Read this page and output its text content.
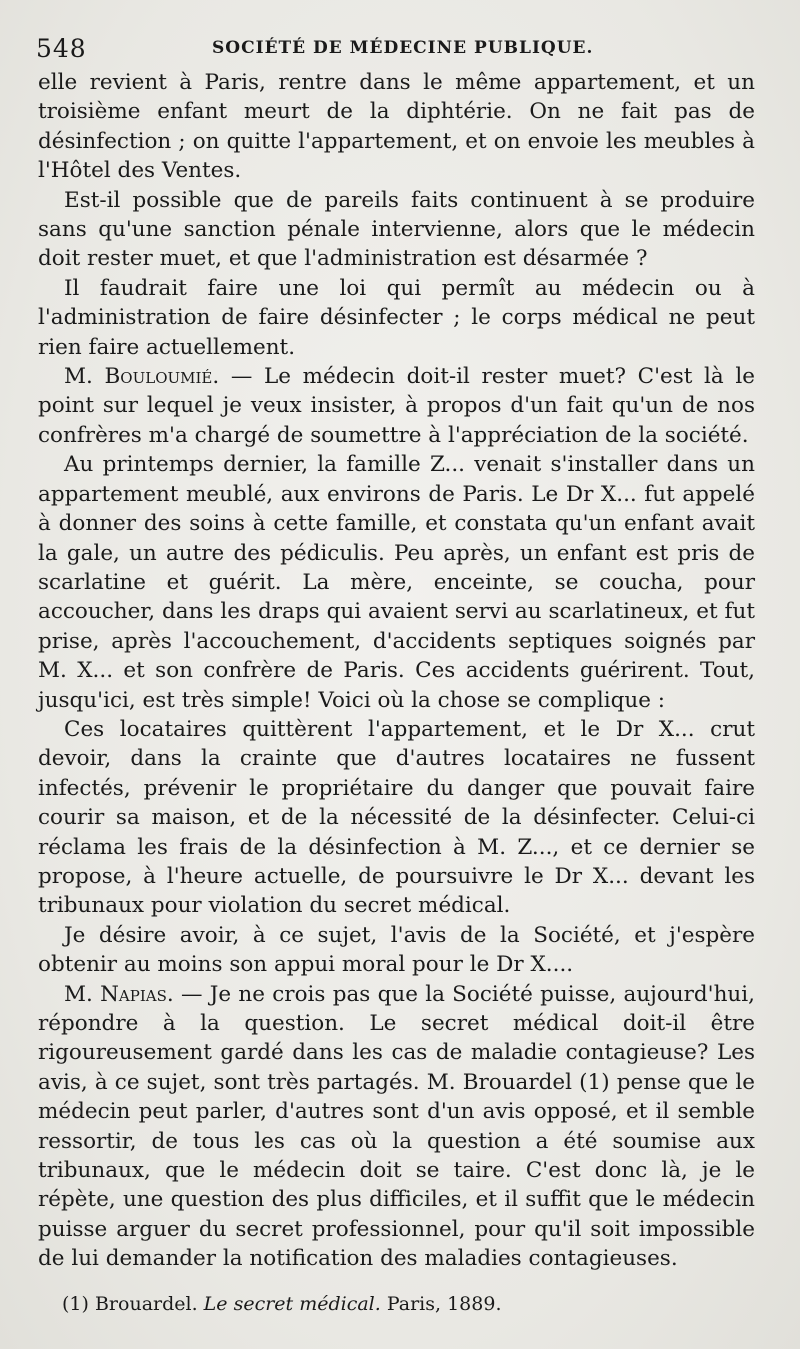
548	SOCIÉTÉ DE MÉDECINE PUBLIQUE.

elle revient à Paris, rentre dans le même appartement, et un troisième enfant meurt de la diphtérie. On ne fait pas de désinfection ; on quitte l'appartement, et on envoie les meubles à l'Hôtel des Ventes.

Est-il possible que de pareils faits continuent à se produire sans qu'une sanction pénale intervienne, alors que le médecin doit rester muet, et que l'administration est désarmée ?

Il faudrait faire une loi qui permît au médecin ou à l'administration de faire désinfecter ; le corps médical ne peut rien faire actuellement.

M. Bouloumié. — Le médecin doit-il rester muet? C'est là le point sur lequel je veux insister, à propos d'un fait qu'un de nos confrères m'a chargé de soumettre à l'appréciation de la société.

Au printemps dernier, la famille Z... venait s'installer dans un appartement meublé, aux environs de Paris. Le Dr X... fut appelé à donner des soins à cette famille, et constata qu'un enfant avait la gale, un autre des pédiculis. Peu après, un enfant est pris de scarlatine et guérit. La mère, enceinte, se coucha, pour accoucher, dans les draps qui avaient servi au scarlatineux, et fut prise, après l'accouchement, d'accidents septiques soignés par M. X... et son confrère de Paris. Ces accidents guérirent. Tout, jusqu'ici, est très simple! Voici où la chose se complique :

Ces locataires quittèrent l'appartement, et le Dr X... crut devoir, dans la crainte que d'autres locataires ne fussent infectés, prévenir le propriétaire du danger que pouvait faire courir sa maison, et de la nécessité de la désinfecter. Celui-ci réclama les frais de la désinfection à M. Z..., et ce dernier se propose, à l'heure actuelle, de poursuivre le Dr X... devant les tribunaux pour violation du secret médical.

Je désire avoir, à ce sujet, l'avis de la Société, et j'espère obtenir au moins son appui moral pour le Dr X....

M. Napias. — Je ne crois pas que la Société puisse, aujourd'hui, répondre à la question. Le secret médical doit-il être rigoureusement gardé dans les cas de maladie contagieuse? Les avis, à ce sujet, sont très partagés. M. Brouardel (1) pense que le médecin peut parler, d'autres sont d'un avis opposé, et il semble ressortir, de tous les cas où la question a été soumise aux tribunaux, que le médecin doit se taire. C'est donc là, je le répète, une question des plus difficiles, et il suffit que le médecin puisse arguer du secret professionnel, pour qu'il soit impossible de lui demander la notification des maladies contagieuses.

(1) Brouardel. Le secret médical. Paris, 1889.
